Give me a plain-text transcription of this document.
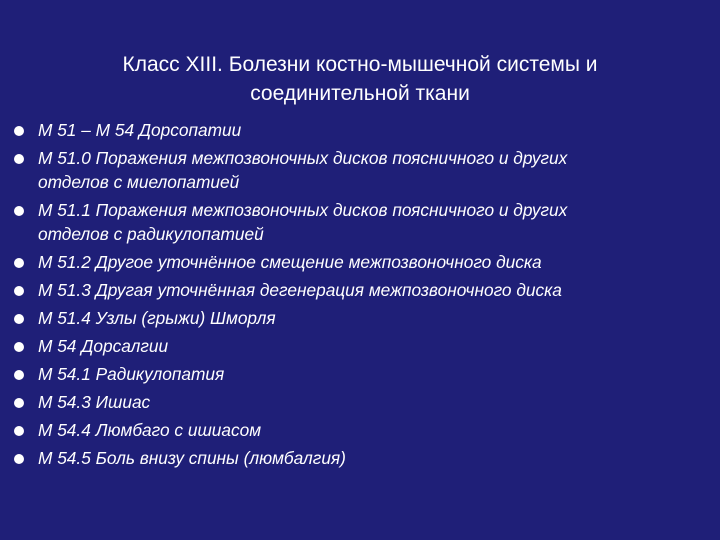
Класс XIII. Болезни костно-мышечной системы и
соединительной ткани
М 51 – М 54 Дорсопатии
М 51.0 Поражения межпозвоночных дисков поясничного и других
отделов с миелопатией
М 51.1 Поражения межпозвоночных дисков поясничного и других
отделов с радикулопатией
М 51.2 Другое уточнённое смещение межпозвоночного диска
М 51.3 Другая уточнённая дегенерация межпозвоночного диска
М 51.4 Узлы (грыжи) Шморля
М 54 Дорсалгии
М 54.1 Радикулопатия
М 54.3 Ишиас
М 54.4 Люмбаго с ишиасом
М 54.5 Боль внизу спины (люмбалгия)
